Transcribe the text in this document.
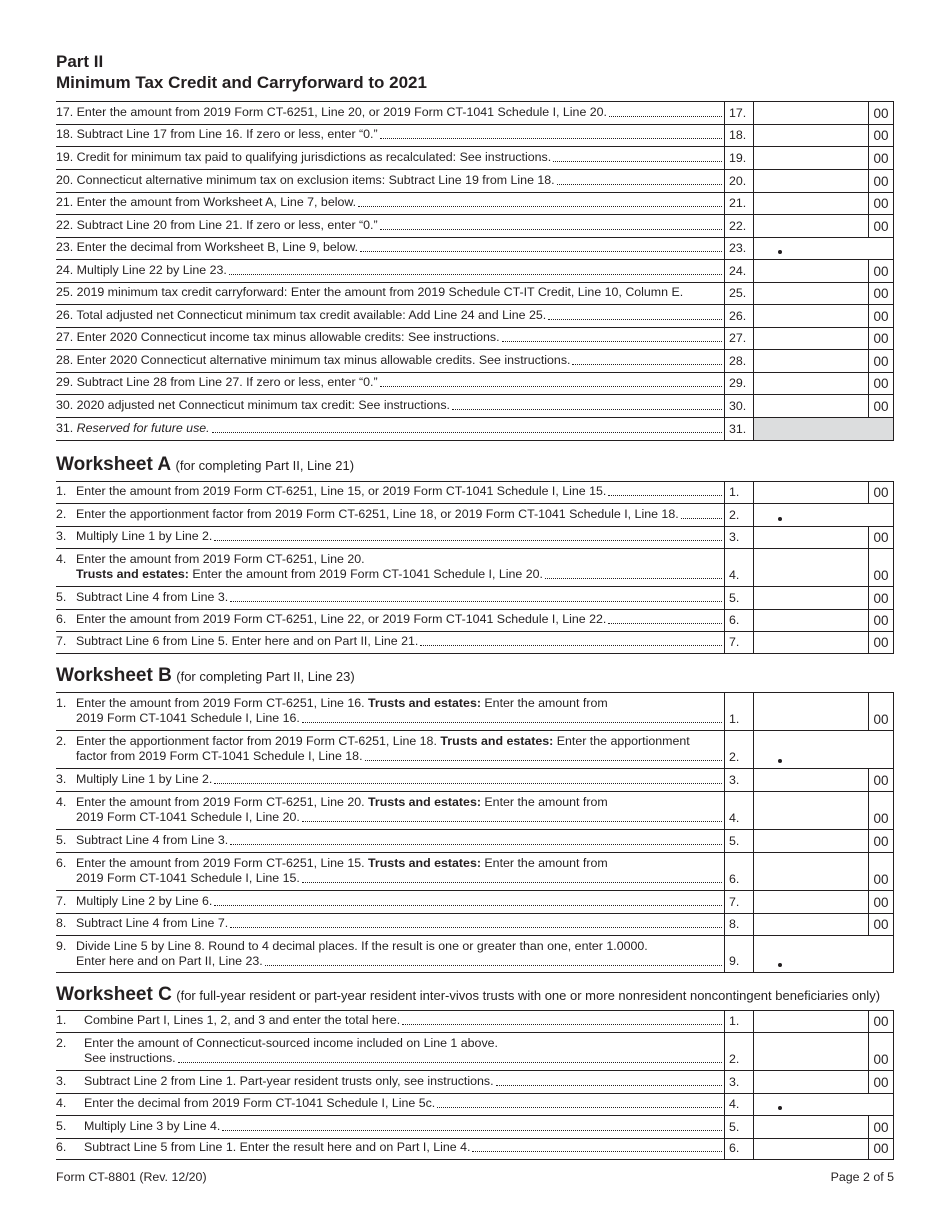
Part II
Minimum Tax Credit and Carryforward to 2021
17. Enter the amount from 2019 Form CT-6251, Line 20, or 2019 Form CT-1041 Schedule I, Line 20.	17.	00
18. Subtract Line 17 from Line 16. If zero or less, enter “0.”	18.	00
19. Credit for minimum tax paid to qualifying jurisdictions as recalculated: See instructions.	19.	00
20. Connecticut alternative minimum tax on exclusion items: Subtract Line 19 from Line 18.	20.	00
21. Enter the amount from Worksheet A, Line 7, below.	21.	00
22. Subtract Line 20 from Line 21. If zero or less, enter “0.”	22.	00
23. Enter the decimal from Worksheet B, Line 9, below.	23.
24. Multiply Line 22 by Line 23.	24.	00
25. 2019 minimum tax credit carryforward: Enter the amount from 2019 Schedule CT-IT Credit, Line 10, Column E.	25.	00
26. Total adjusted net Connecticut minimum tax credit available: Add Line 24 and Line 25.	26.	00
27. Enter 2020 Connecticut income tax minus allowable credits: See instructions.	27.	00
28. Enter 2020 Connecticut alternative minimum tax minus allowable credits. See instructions.	28.	00
29. Subtract Line 28 from Line 27. If zero or less, enter “0.”	29.	00
30. 2020 adjusted net Connecticut minimum tax credit: See instructions.	30.	00
31. Reserved for future use.	31.
Worksheet A (for completing Part II, Line 21)
1. Enter the amount from 2019 Form CT-6251, Line 15, or 2019 Form CT-1041 Schedule I, Line 15.	1.	00
2. Enter the apportionment factor from 2019 Form CT-6251, Line 18, or 2019 Form CT-1041 Schedule I, Line 18.	2.
3. Multiply Line 1 by Line 2.	3.	00
4. Enter the amount from 2019 Form CT-6251, Line 20.
Trusts and estates: Enter the amount from 2019 Form CT-1041 Schedule I, Line 20.	4.	00
5. Subtract Line 4 from Line 3.	5.	00
6. Enter the amount from 2019 Form CT-6251, Line 22, or 2019 Form CT-1041 Schedule I, Line 22.	6.	00
7. Subtract Line 6 from Line 5. Enter here and on Part II, Line 21.	7.	00
Worksheet B (for completing Part II, Line 23)
1. Enter the amount from 2019 Form CT-6251, Line 16. Trusts and estates: Enter the amount from
2019 Form CT-1041 Schedule I, Line 16.	1.	00
2. Enter the apportionment factor from 2019 Form CT-6251, Line 18. Trusts and estates: Enter the apportionment
factor from 2019 Form CT-1041 Schedule I, Line 18.	2.
3. Multiply Line 1 by Line 2.	3.	00
4. Enter the amount from 2019 Form CT-6251, Line 20. Trusts and estates: Enter the amount from
2019 Form CT-1041 Schedule I, Line 20.	4.	00
5. Subtract Line 4 from Line 3.	5.	00
6. Enter the amount from 2019 Form CT-6251, Line 15. Trusts and estates: Enter the amount from
2019 Form CT-1041 Schedule I, Line 15.	6.	00
7. Multiply Line 2 by Line 6.	7.	00
8. Subtract Line 4 from Line 7.	8.	00
9. Divide Line 5 by Line 8. Round to 4 decimal places. If the result is one or greater than one, enter 1.0000.
Enter here and on Part II, Line 23.	9.
Worksheet C (for full-year resident or part-year resident inter-vivos trusts with one or more nonresident noncontingent beneficiaries only)
1.	Combine Part I, Lines 1, 2, and 3 and enter the total here.	1.	00
2.	Enter the amount of Connecticut-sourced income included on Line 1 above.
See instructions.	2.	00
3.	Subtract Line 2 from Line 1. Part-year resident trusts only, see instructions.	3.	00
4.	Enter the decimal from 2019 Form CT-1041 Schedule I, Line 5c.	4.
5.	Multiply Line 3 by Line 4.	5.	00
6.	Subtract Line 5 from Line 1. Enter the result here and on Part I, Line 4.	6.	00
Form CT-8801 (Rev. 12/20)	Page 2 of 5
